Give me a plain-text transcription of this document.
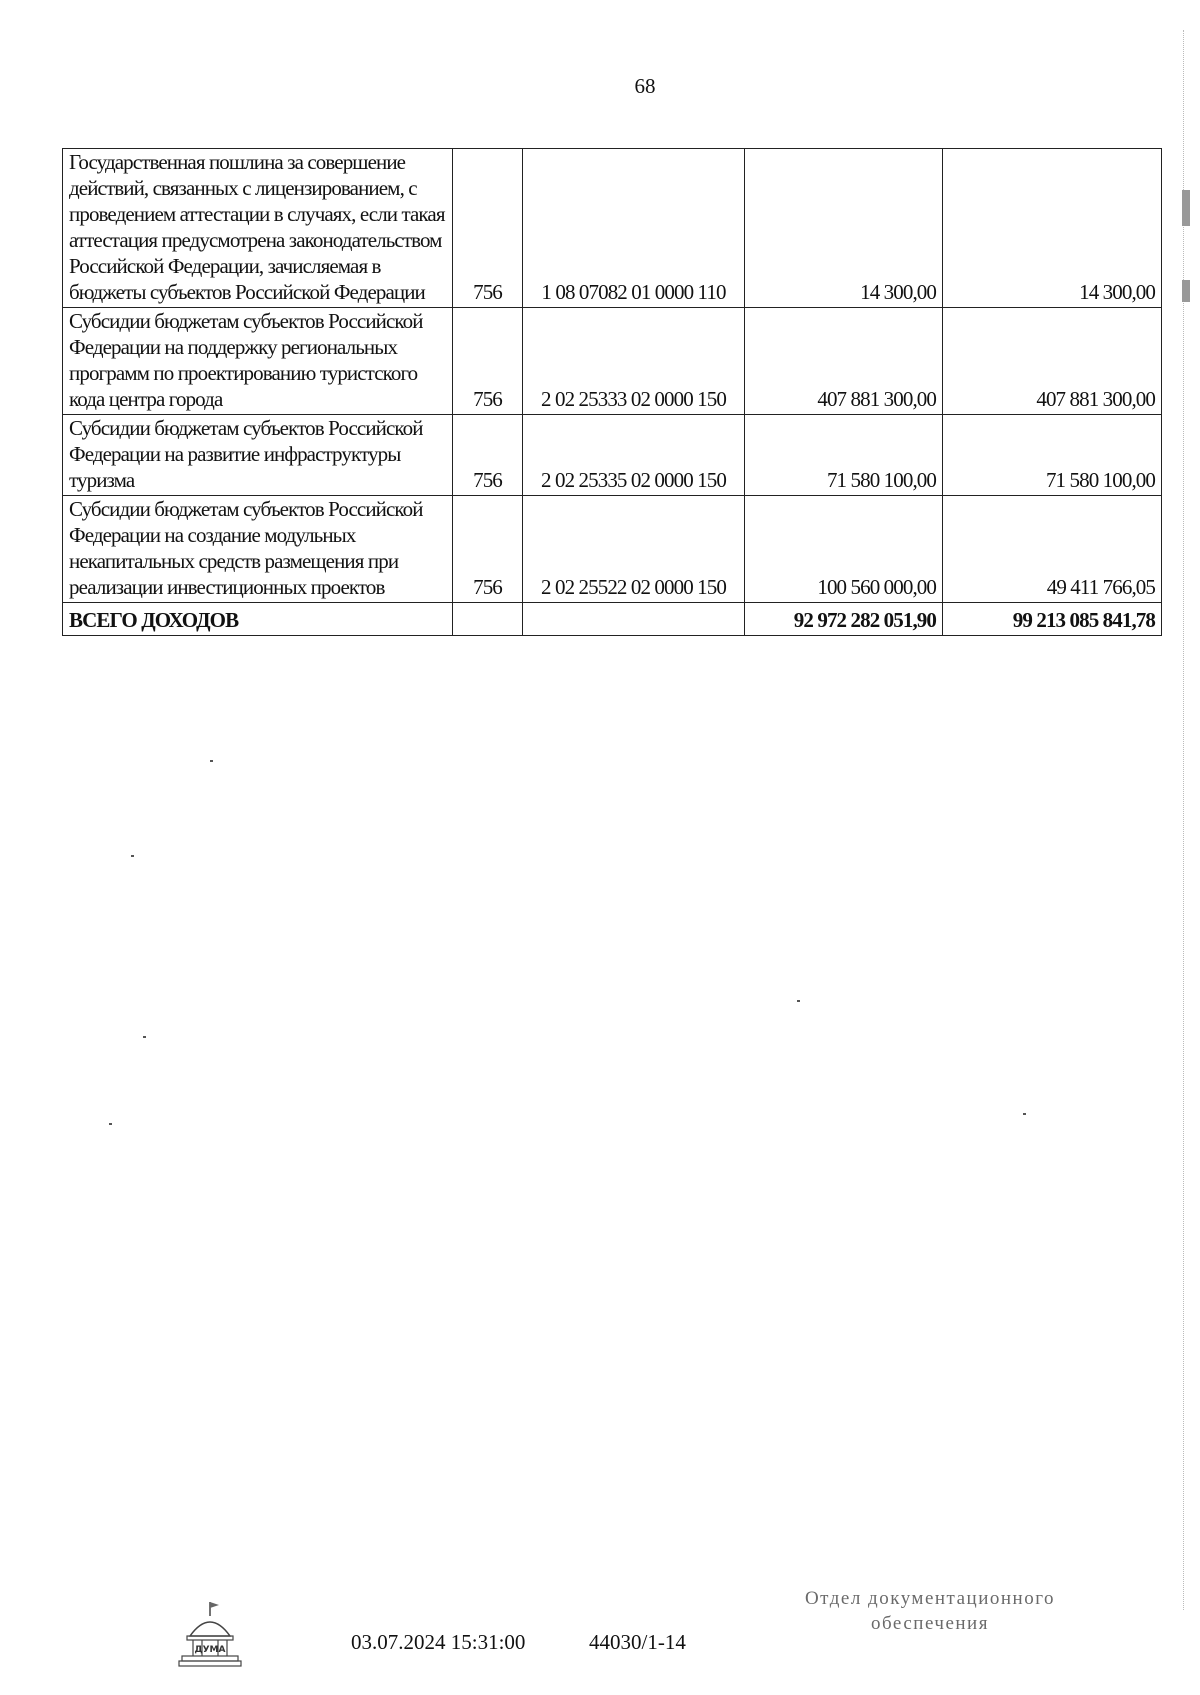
68
Государственная пошлина за совершение действий, связанных с лицензированием, с проведением аттестации в случаях, если такая аттестация предусмотрена законодательством Российской Федерации, зачисляемая в бюджеты субъектов Российской Федерации	756	1 08 07082 01 0000 110	14 300,00	14 300,00
Субсидии бюджетам субъектов Российской Федерации на поддержку региональных программ по проектированию туристского кода центра города	756	2 02 25333 02 0000 150	407 881 300,00	407 881 300,00
Субсидии бюджетам субъектов Российской Федерации на развитие инфраструктуры туризма	756	2 02 25335 02 0000 150	71 580 100,00	71 580 100,00
Субсидии бюджетам субъектов Российской Федерации на создание модульных некапитальных средств размещения при реализации инвестиционных проектов	756	2 02 25522 02 0000 150	100 560 000,00	49 411 766,05
ВСЕГО ДОХОДОВ			92 972 282 051,90	99 213 085 841,78
ДУМА	03.07.2024 15:31:00	44030/1-14
Отдел документационного
обеспечения
